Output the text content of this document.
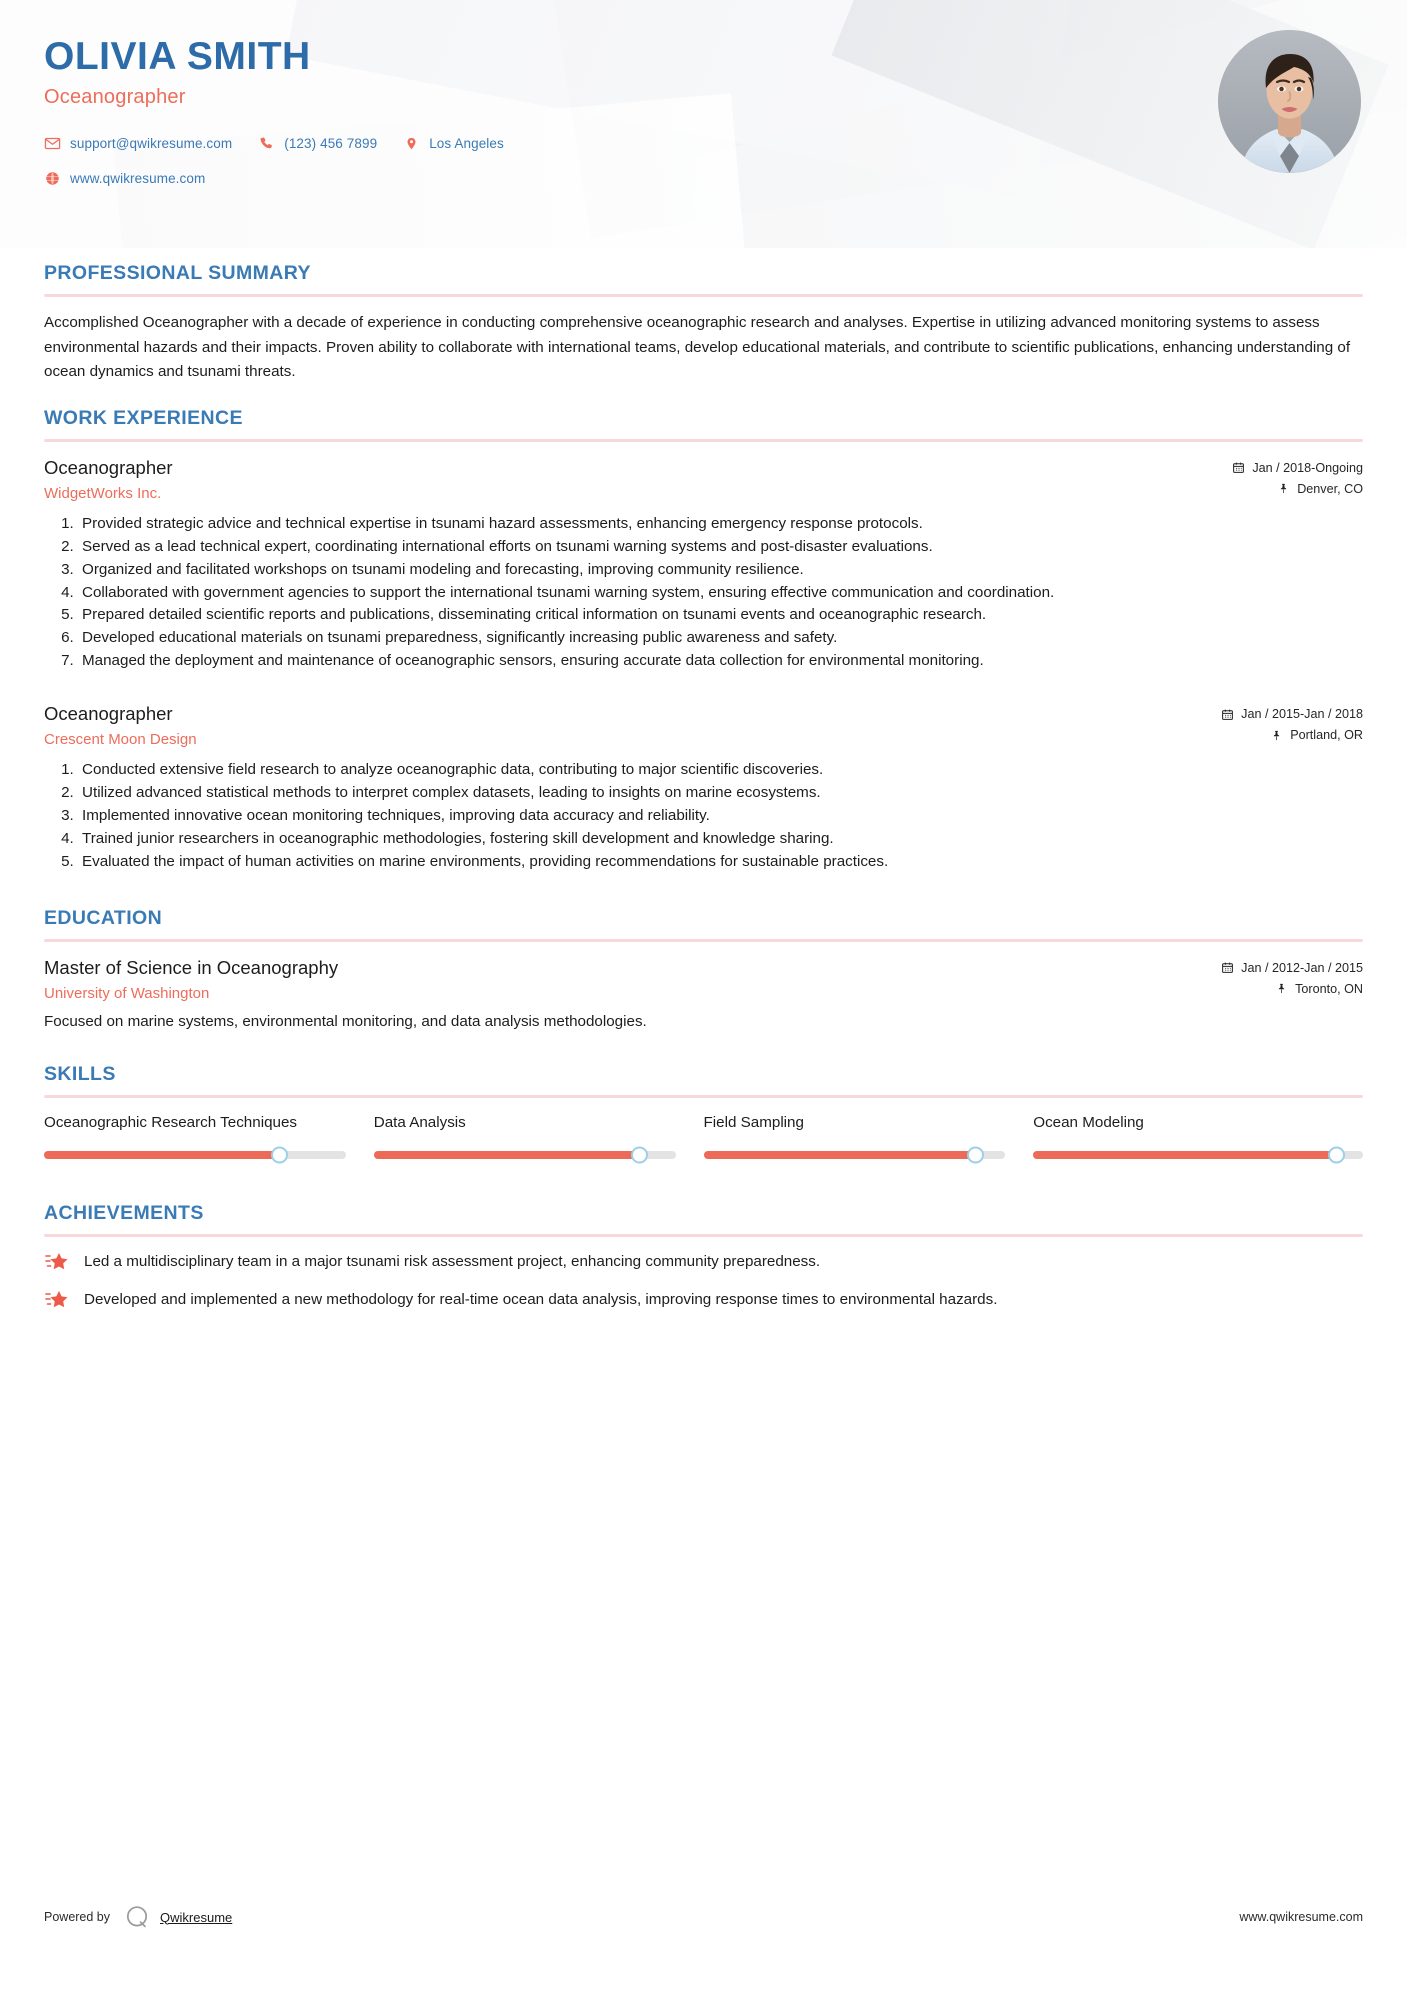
OLIVIA SMITH
Oceanographer
support@qwikresume.com	(123) 456 7899	Los Angeles
www.qwikresume.com
PROFESSIONAL SUMMARY
Accomplished Oceanographer with a decade of experience in conducting comprehensive oceanographic research and analyses. Expertise in utilizing advanced monitoring systems to assess environmental hazards and their impacts. Proven ability to collaborate with international teams, develop educational materials, and contribute to scientific publications, enhancing understanding of ocean dynamics and tsunami threats.
WORK EXPERIENCE
Oceanographer
WidgetWorks Inc.
Jan / 2018-Ongoing
Denver, CO
1. Provided strategic advice and technical expertise in tsunami hazard assessments, enhancing emergency response protocols.
2. Served as a lead technical expert, coordinating international efforts on tsunami warning systems and post-disaster evaluations.
3. Organized and facilitated workshops on tsunami modeling and forecasting, improving community resilience.
4. Collaborated with government agencies to support the international tsunami warning system, ensuring effective communication and coordination.
5. Prepared detailed scientific reports and publications, disseminating critical information on tsunami events and oceanographic research.
6. Developed educational materials on tsunami preparedness, significantly increasing public awareness and safety.
7. Managed the deployment and maintenance of oceanographic sensors, ensuring accurate data collection for environmental monitoring.
Oceanographer
Crescent Moon Design
Jan / 2015-Jan / 2018
Portland, OR
1. Conducted extensive field research to analyze oceanographic data, contributing to major scientific discoveries.
2. Utilized advanced statistical methods to interpret complex datasets, leading to insights on marine ecosystems.
3. Implemented innovative ocean monitoring techniques, improving data accuracy and reliability.
4. Trained junior researchers in oceanographic methodologies, fostering skill development and knowledge sharing.
5. Evaluated the impact of human activities on marine environments, providing recommendations for sustainable practices.
EDUCATION
Master of Science in Oceanography
University of Washington
Jan / 2012-Jan / 2015
Toronto, ON
Focused on marine systems, environmental monitoring, and data analysis methodologies.
SKILLS
Oceanographic Research Techniques	Data Analysis	Field Sampling	Ocean Modeling
ACHIEVEMENTS
Led a multidisciplinary team in a major tsunami risk assessment project, enhancing community preparedness.
Developed and implemented a new methodology for real-time ocean data analysis, improving response times to environmental hazards.
Powered by	Qwikresume	www.qwikresume.com
